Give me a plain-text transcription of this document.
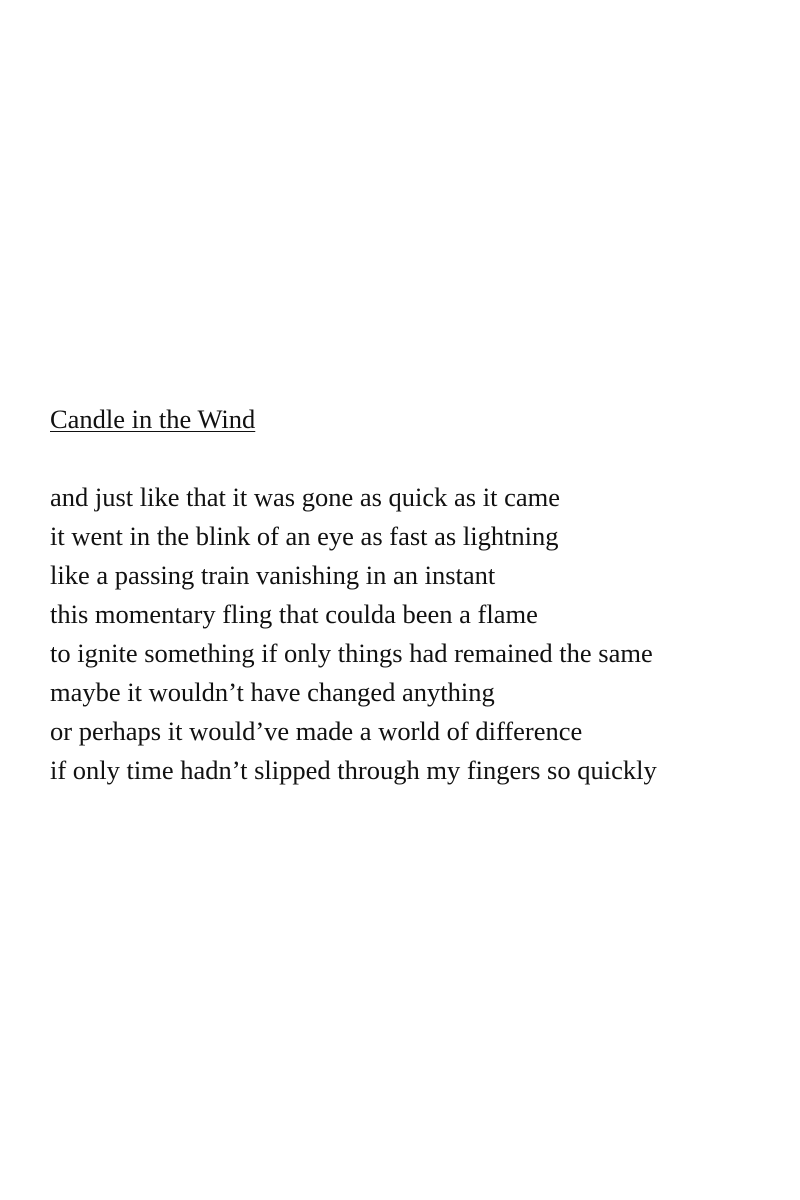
Candle in the Wind
and just like that it was gone as quick as it came
it went in the blink of an eye as fast as lightning
like a passing train vanishing in an instant
this momentary fling that coulda been a flame
to ignite something if only things had remained the same
maybe it wouldn’t have changed anything
or perhaps it would’ve made a world of difference
if only time hadn’t slipped through my fingers so quickly
